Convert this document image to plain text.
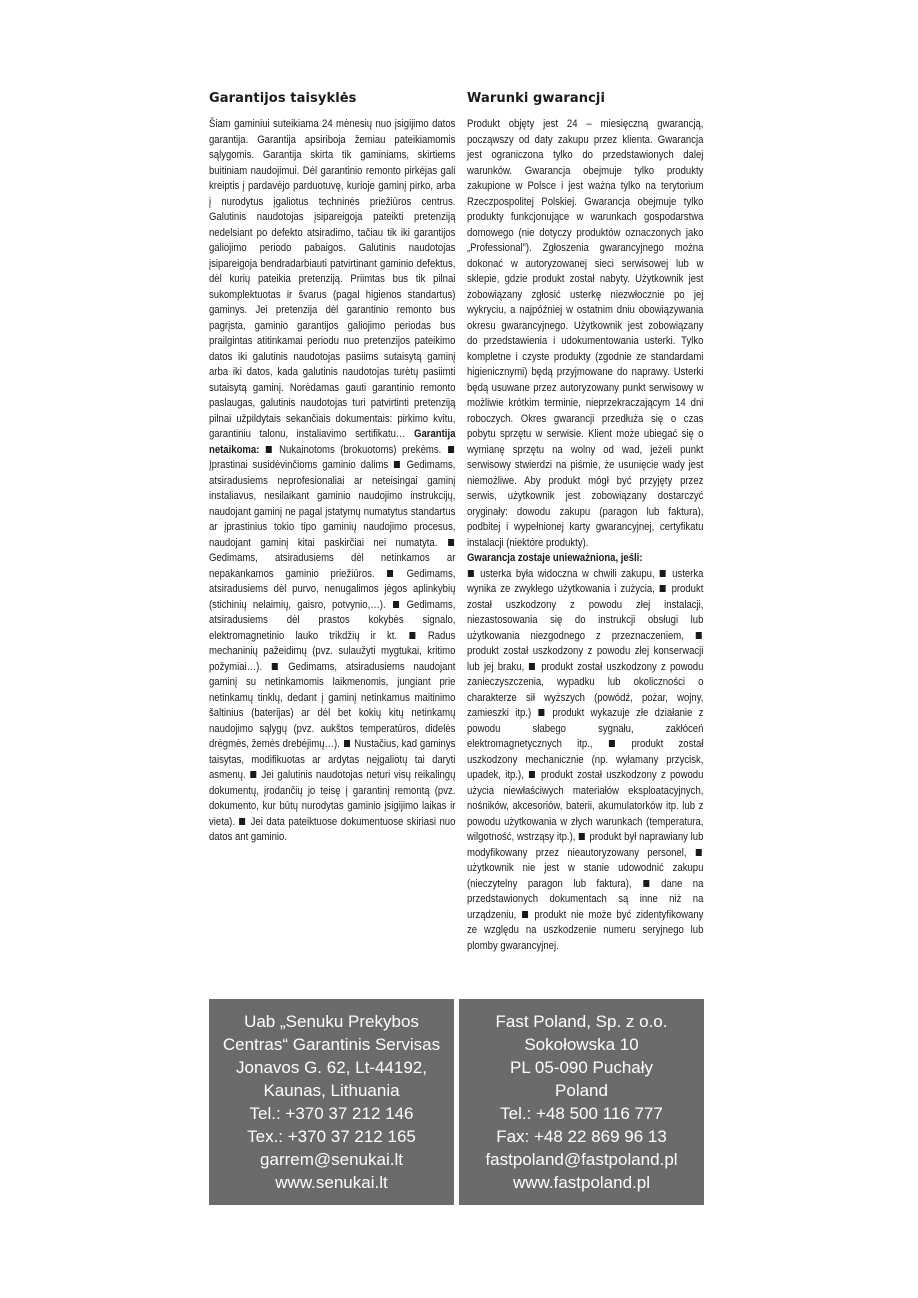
Garantijos taisyklės

Šiam gaminiui suteikiama 24 mėnesių nuo įsigijimo datos garantija. Garantija apsiriboja žemiau pateikiamomis sąlygomis. Garantija skirta tik gaminiams, skirtiems buitiniam naudojimui. Dėl garantinio remonto pirkėjas gali kreiptis į pardavėjo parduotuvę, kurioje gaminį pirko, arba į nurodytus įgaliotus techninės priežiūros centrus. Galutinis naudotojas įsipareigoja pateikti pretenziją nedelsiant po defekto atsiradimo, tačiau tik iki garantijos galiojimo periodo pabaigos. Galutinis naudotojas įsipareigoja bendradarbiauti patvirtinant gaminio defektus, dėl kurių pateikia pretenziją. Priimtas bus tik pilnai sukomplektuotas ir švarus (pagal higienos standartus) gaminys. Jei pretenzija dėl garantinio remonto bus pagrįsta, gaminio garantijos galiojimo periodas bus prailgintas atitinkamai periodu nuo pretenzijos pateikimo datos iki galutinis naudotojas pasiims sutaisytą gaminį arba iki datos, kada galutinis naudotojas turėtų pasiimti sutaisytą gaminį. Norėdamas gauti garantinio remonto paslaugas, galutinis naudotojas turi patvirtinti pretenziją pilnai užpildytais sekančiais dokumentais: pirkimo kvitu, garantiniu talonu, instaliavimo sertifikatu… Garantija netaikoma:  Nukainotoms (brokuotoms) prekėms.  Įprastinai susidėvinčioms gaminio dalims  Gedimams, atsiradusiems neprofesionaliai ar neteisingai gaminį instaliavus, nesilaikant gaminio naudojimo instrukcijų, naudojant gaminį ne pagal įstatymų numatytus standartus ar įprastinius tokio tipo gaminių naudojimo procesus, naudojant gaminį kitai paskirčiai nei numatyta.  Gedimams, atsiradusiems dėl netinkamos ar nepakankamos gaminio priežiūros.  Gedimams, atsiradusiems dėl purvo, nenugalimos jėgos aplinkybių (stichinių nelaimių, gaisro, potvynio,…).  Gedimams, atsiradusiems dėl prastos kokybės signalo, elektromagnetinio lauko trikdžių ir kt.  Radus mechaninių pažeidimų (pvz. sulaužyti mygtukai, kritimo požymiai…).  Gedimams, atsiradusiems naudojant gaminį su netinkamomis laikmenomis, jungiant prie netinkamų tinklų, dedant į gaminį netinkamus maitinimo šaltinius (baterijas) ar dėl bet kokių kitų netinkamų naudojimo sąlygų (pvz. aukštos temperatūros, didelės drėgmės, žemės drebėjimų…).  Nustačius, kad gaminys taisytas, modifikuotas ar ardytas neįgaliotų tai daryti asmenų.  Jei galutinis naudotojas neturi visų reikalingų dokumentų, įrodančių jo teisę į garantinį remontą (pvz. dokumento, kur būtų nurodytas gaminio įsigijimo laikas ir vieta).  Jei data pateiktuose dokumentuose skiriasi nuo datos ant gaminio.

Warunki gwarancji

Produkt objęty jest 24 – miesięczną gwarancją, począwszy od daty zakupu przez klienta. Gwarancja jest ograniczona tylko do przedstawionych dalej warunków. Gwarancja obejmuje tylko produkty zakupione w Polsce i jest ważna tylko na terytorium Rzeczpospolitej Polskiej. Gwarancja obejmuje tylko produkty funkcjonujące w warunkach gospodarstwa domowego (nie dotyczy produktów oznaczonych jako „Professional”). Zgłoszenia gwarancyjnego można dokonać w autoryzowanej sieci serwisowej lub w sklepie, gdzie produkt został nabyty. Użytkownik jest zobowiązany zgłosić usterkę niezwłocznie po jej wykryciu, a najpóźniej w ostatnim dniu obowiązywania okresu gwarancyjnego. Użytkownik jest zobowiązany do przedstawienia i udokumentowania usterki. Tylko kompletne i czyste produkty (zgodnie ze standardami higienicznymi) będą przyjmowane do naprawy. Usterki będą usuwane przez autoryzowany punkt serwisowy w możliwie krótkim terminie, nieprzekraczającym 14 dni roboczych. Okres gwarancji przedłuża się o czas pobytu sprzętu w serwisie. Klient może ubiegać się o wymianę sprzętu na wolny od wad, jeżeli punkt serwisowy stwierdzi na piśmie, że usunięcie wady jest niemożliwe. Aby produkt mógł być przyjęty przez serwis, użytkownik jest zobowiązany dostarczyć oryginały: dowodu zakupu (paragon lub faktura), podbitej i wypełnionej karty gwarancyjnej, certyfikatu instalacji (niektóre produkty).
Gwarancja zostaje unieważniona, jeśli:
usterka była widoczna w chwili zakupu,  usterka wynika ze zwykłego użytkowania i zużycia,  produkt został uszkodzony z powodu złej instalacji, niezastosowania się do instrukcji obsługi lub użytkowania niezgodnego z przeznaczeniem,  produkt został uszkodzony z powodu złej konserwacji lub jej braku,  produkt został uszkodzony z powodu zanieczyszczenia, wypadku lub okoliczności o charakterze sił wyższych (powódź, pożar, wojny, zamieszki itp.)  produkt wykazuje złe działanie z powodu słabego sygnału, zakłóceń elektromagnetycznych itp.,  produkt został uszkodzony mechanicznie (np. wyłamany przycisk, upadek, itp.),  produkt został uszkodzony z powodu użycia niewłaściwych materiałów eksploatacyjnych, nośników, akcesoriów, baterii, akumulatorków itp. lub z powodu użytkowania w złych warunkach (temperatura, wilgotność, wstrząsy itp.),  produkt był naprawiany lub modyfikowany przez nieautoryzowany personel,  użytkownik nie jest w stanie udowodnić zakupu (nieczytelny paragon lub faktura),  dane na przedstawionych dokumentach są inne niż na urządzeniu,  produkt nie może być zidentyfikowany ze względu na uszkodzenie numeru seryjnego lub plomby gwarancyjnej.

Uab „Senuku Prekybos
Centras“ Garantinis Servisas
Jonavos G. 62, Lt-44192,
Kaunas, Lithuania
Tel.: +370 37 212 146
Tex.: +370 37 212 165
garrem@senukai.lt
www.senukai.lt
Fast Poland, Sp. z o.o.
Sokołowska 10
PL 05-090 Puchały
Poland
Tel.: +48 500 116 777
Fax: +48 22 869 96 13
fastpoland@fastpoland.pl
www.fastpoland.pl
